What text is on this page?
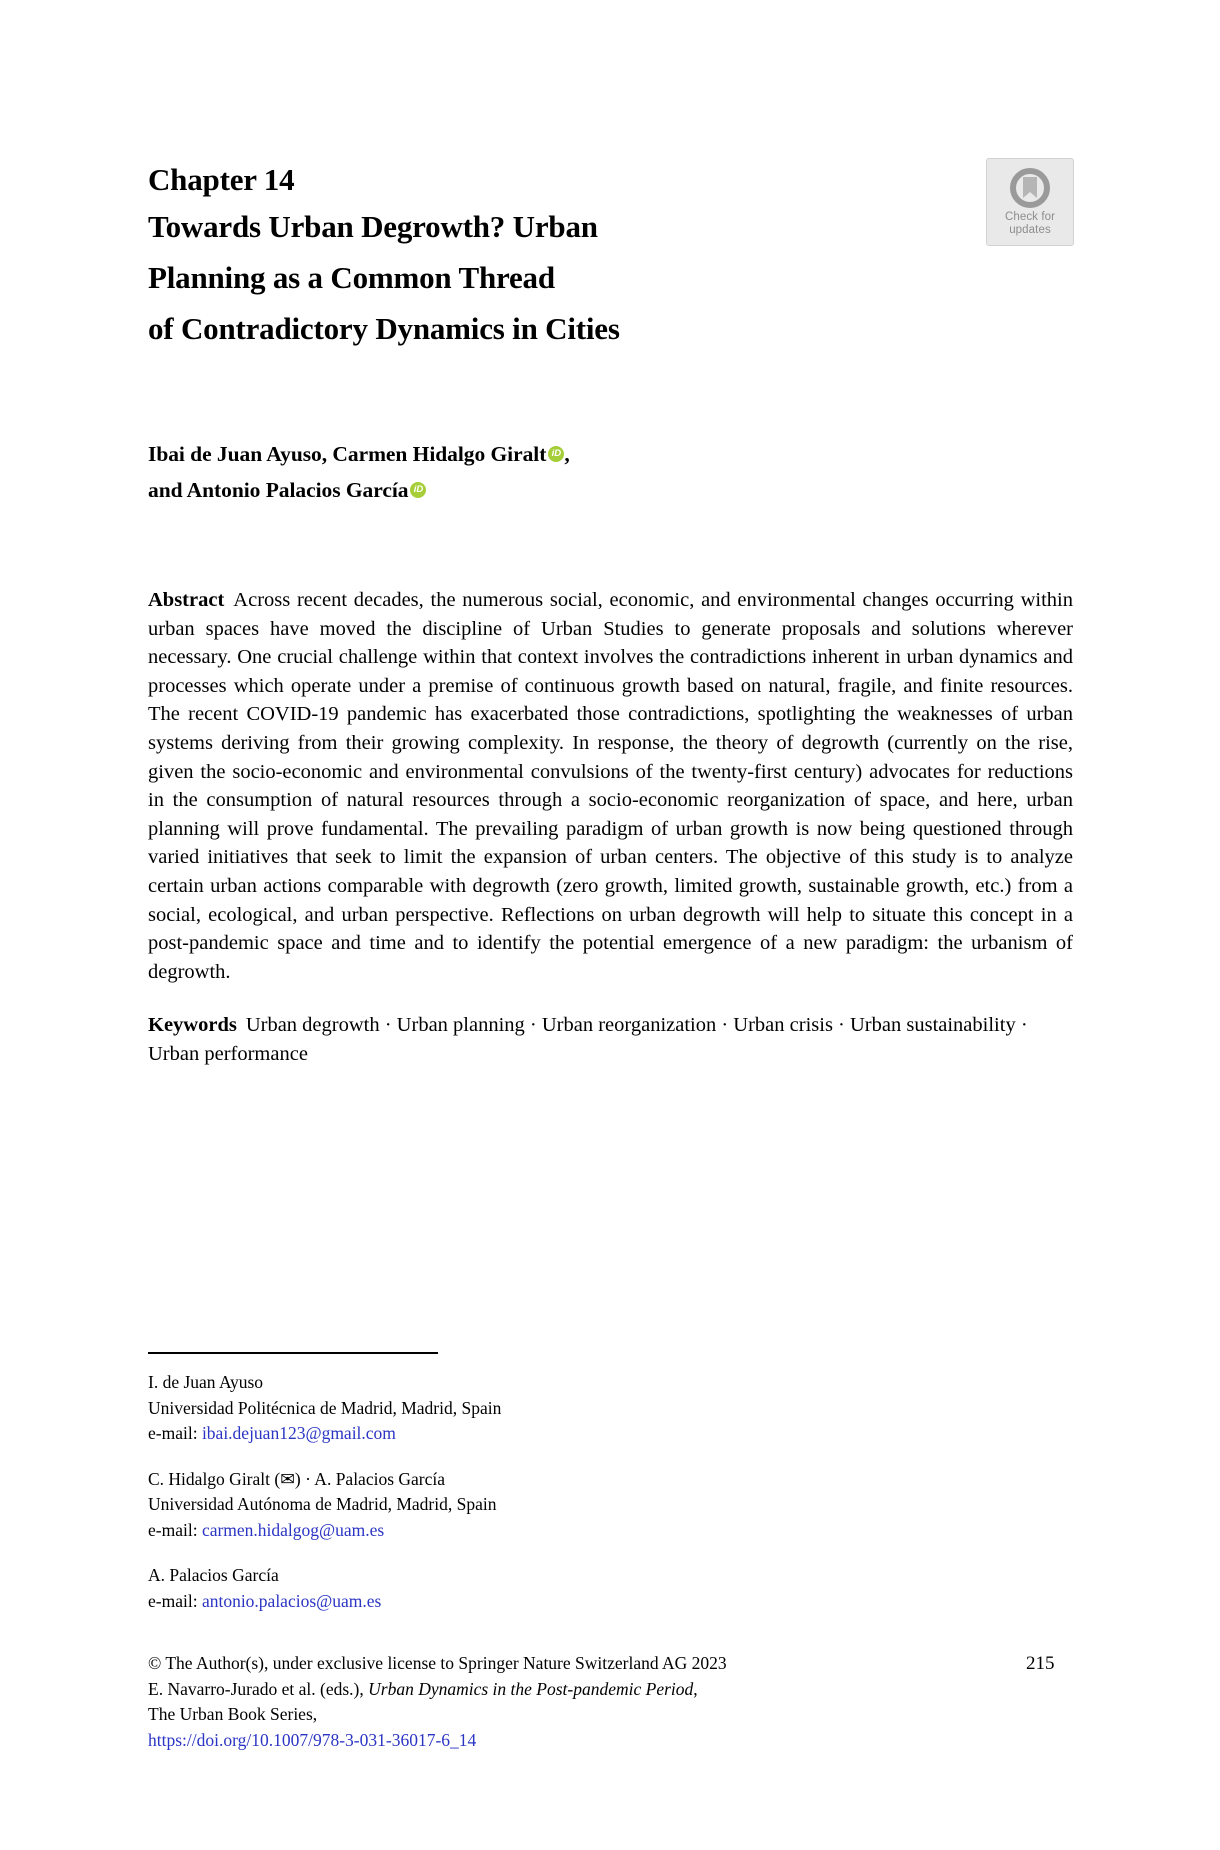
Check for
updates
Chapter 14
Towards Urban Degrowth? Urban
Planning as a Common Thread
of Contradictory Dynamics in Cities
Ibai de Juan Ayuso, Carmen Hidalgo Giralt iD ,
and Antonio Palacios GarcíaiD
Abstract Across recent decades, the numerous social, economic, and environmental changes occurring within urban spaces have moved the discipline of Urban Studies to generate proposals and solutions wherever necessary. One crucial challenge within that context involves the contradictions inherent in urban dynamics and processes which operate under a premise of continuous growth based on natural, fragile, and finite resources. The recent COVID-19 pandemic has exacerbated those contradictions, spotlighting the weaknesses of urban systems deriving from their growing complexity. In response, the theory of degrowth (currently on the rise, given the socio-economic and environmental convulsions of the twenty-first century) advocates for reductions in the consumption of natural resources through a socio-economic reorganization of space, and here, urban planning will prove fundamental. The prevailing paradigm of urban growth is now being questioned through varied initiatives that seek to limit the expansion of urban centers. The objective of this study is to analyze certain urban actions comparable with degrowth (zero growth, limited growth, sustainable growth, etc.) from a social, ecological, and urban perspective. Reflections on urban degrowth will help to situate this concept in a post-pandemic space and time and to identify the potential emergence of a new paradigm: the urbanism of degrowth.
Keywords Urban degrowth · Urban planning · Urban reorganization · Urban crisis · Urban sustainability · Urban performance
I. de Juan Ayuso
Universidad Politécnica de Madrid, Madrid, Spain
e-mail: ibai.dejuan123@gmail.com
C. Hidalgo Giralt (✉) · A. Palacios García
Universidad Autónoma de Madrid, Madrid, Spain
e-mail: carmen.hidalgog@uam.es
A. Palacios García
e-mail: antonio.palacios@uam.es
© The Author(s), under exclusive license to Springer Nature Switzerland AG 2023
E. Navarro-Jurado et al. (eds.), Urban Dynamics in the Post-pandemic Period,
The Urban Book Series,
https://doi.org/10.1007/978-3-031-36017-6_14
215
